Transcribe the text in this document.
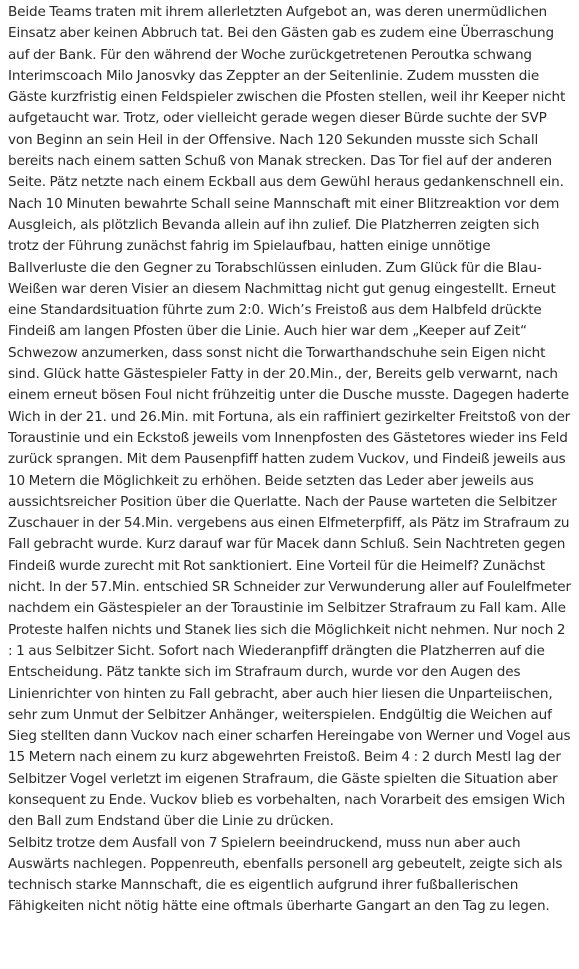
Beide Teams traten mit ihrem allerletzten Aufgebot an, was deren unermüdlichen Einsatz aber keinen Abbruch tat. Bei den Gästen gab es zudem eine Überraschung auf der Bank. Für den während der Woche zurückgetretenen Peroutka schwang Interimscoach Milo Janosvky das Zeppter an der Seitenlinie. Zudem mussten die Gäste kurzfristig einen Feldspieler zwischen die Pfosten stellen, weil ihr Keeper nicht aufgetaucht war. Trotz, oder vielleicht gerade wegen dieser Bürde suchte der SVP von Beginn an sein Heil in der Offensive. Nach 120 Sekunden musste sich Schall bereits nach einem satten Schuß von Manak strecken. Das Tor fiel auf der anderen Seite. Pätz netzte nach einem Eckball aus dem Gewühl heraus gedankenschnell ein. Nach 10 Minuten bewahrte Schall seine Mannschaft mit einer Blitzreaktion vor dem Ausgleich, als plötzlich Bevanda allein auf ihn zulief. Die Platzherren zeigten sich trotz der Führung zunächst fahrig im Spielaufbau, hatten einige unnötige Ballverluste die den Gegner zu Torabschlüssen einluden. Zum Glück für die Blau-Weißen war deren Visier an diesem Nachmittag nicht gut genug eingestellt. Erneut eine Standardsituation führte zum 2:0. Wich’s Freistoß aus dem Halbfeld drückte Findeiß am langen Pfosten über die Linie. Auch hier war dem „Keeper auf Zeit“ Schwezow anzumerken, dass sonst nicht die Torwarthandschuhe sein Eigen nicht sind. Glück hatte Gästespieler Fatty in der 20.Min., der, Bereits gelb verwarnt, nach einem erneut bösen Foul nicht frühzeitig unter die Dusche musste. Dagegen haderte Wich in der 21. und 26.Min. mit Fortuna, als ein raffiniert gezirkelter Freitstoß von der Toraustinie und ein Eckstoß jeweils vom Innenpfosten des Gästetores wieder ins Feld zurück sprangen. Mit dem Pausenpfiff hatten zudem Vuckov, und Findeiß jeweils aus 10 Metern die Möglichkeit zu erhöhen. Beide setzten das Leder aber jeweils aus aussichtsreicher Position über die Querlatte. Nach der Pause warteten die Selbitzer Zuschauer in der 54.Min. vergebens aus einen Elfmeterpfiff, als Pätz im Strafraum zu Fall gebracht wurde. Kurz darauf war für Macek dann Schluß. Sein Nachtreten gegen Findeiß wurde zurecht mit Rot sanktioniert. Eine Vorteil für die Heimelf? Zunächst nicht. In der 57.Min. entschied SR Schneider zur Verwunderung aller auf Foulelfmeter nachdem ein Gästespieler an der Toraustinie im Selbitzer Strafraum zu Fall kam. Alle Proteste halfen nichts und Stanek lies sich die Möglichkeit nicht nehmen. Nur noch 2 : 1 aus Selbitzer Sicht. Sofort nach Wiederanpfiff drängten die Platzherren auf die Entscheidung. Pätz tankte sich im Strafraum durch, wurde vor den Augen des Linienrichter von hinten zu Fall gebracht, aber auch hier liesen die Unparteiischen, sehr zum Unmut der Selbitzer Anhänger, weiterspielen. Endgültig die Weichen auf Sieg stellten dann Vuckov nach einer scharfen Hereingabe von Werner und Vogel aus 15 Metern nach einem zu kurz abgewehrten Freistoß. Beim 4 : 2 durch Mestl lag der Selbitzer Vogel verletzt im eigenen Strafraum, die Gäste spielten die Situation aber konsequent zu Ende. Vuckov blieb es vorbehalten, nach Vorarbeit des emsigen Wich den Ball zum Endstand über die Linie zu drücken.

Selbitz trotze dem Ausfall von 7 Spielern beeindruckend, muss nun aber auch Auswärts nachlegen. Poppenreuth, ebenfalls personell arg gebeutelt, zeigte sich als technisch starke Mannschaft, die es eigentlich aufgrund ihrer fußballerischen Fähigkeiten nicht nötig hätte eine oftmals überharte Gangart an den Tag zu legen.
